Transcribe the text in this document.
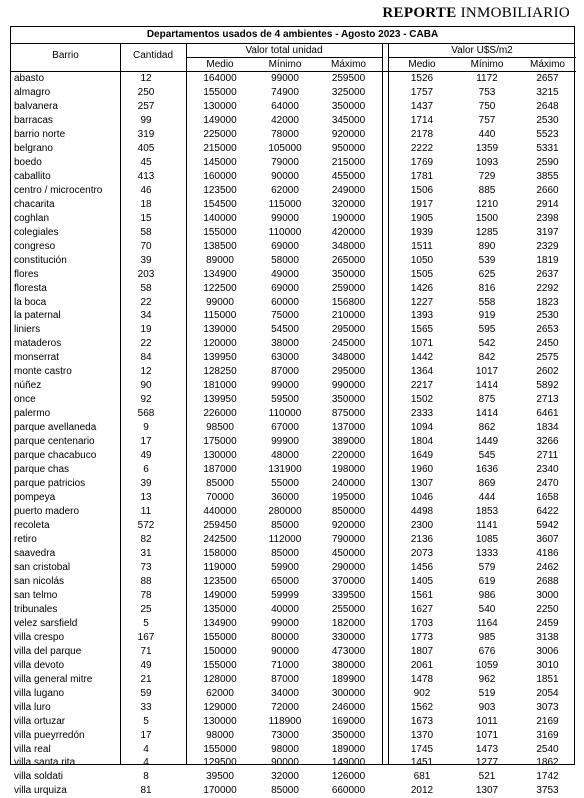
REPORTE INMOBILIARIO
Departamentos usados de 4 ambientes - Agosto 2023 - CABA
Barrio	Cantidad	Valor total unidad	Valor U$S/m2
Medio	Mínimo	Máximo	Medio	Mínimo	Máximo
abasto	12	164000	99000	259500	1526	1172	2657
almagro	250	155000	74900	325000	1757	753	3215
balvanera	257	130000	64000	350000	1437	750	2648
barracas	99	149000	42000	345000	1714	757	2530
barrio norte	319	225000	78000	920000	2178	440	5523
belgrano	405	215000	105000	950000	2222	1359	5331
boedo	45	145000	79000	215000	1769	1093	2590
caballito	413	160000	90000	455000	1781	729	3855
centro / microcentro	46	123500	62000	249000	1506	885	2660
chacarita	18	154500	115000	320000	1917	1210	2914
coghlan	15	140000	99000	190000	1905	1500	2398
colegiales	58	155000	110000	420000	1939	1285	3197
congreso	70	138500	69000	348000	1511	890	2329
constitución	39	89000	58000	265000	1050	539	1819
flores	203	134900	49000	350000	1505	625	2637
floresta	58	122500	69000	259000	1426	816	2292
la boca	22	99000	60000	156800	1227	558	1823
la paternal	34	115000	75000	210000	1393	919	2530
liniers	19	139000	54500	295000	1565	595	2653
mataderos	22	120000	38000	245000	1071	542	2450
monserrat	84	139950	63000	348000	1442	842	2575
monte castro	12	128250	87000	295000	1364	1017	2602
núñez	90	181000	99000	990000	2217	1414	5892
once	92	139950	59500	350000	1502	875	2713
palermo	568	226000	110000	875000	2333	1414	6461
parque avellaneda	9	98500	67000	137000	1094	862	1834
parque centenario	17	175000	99900	389000	1804	1449	3266
parque chacabuco	49	130000	48000	220000	1649	545	2711
parque chas	6	187000	131900	198000	1960	1636	2340
parque patricios	39	85000	55000	240000	1307	869	2470
pompeya	13	70000	36000	195000	1046	444	1658
puerto madero	11	440000	280000	850000	4498	1853	6422
recoleta	572	259450	85000	920000	2300	1141	5942
retiro	82	242500	112000	790000	2136	1085	3607
saavedra	31	158000	85000	450000	2073	1333	4186
san cristobal	73	119000	59900	290000	1456	579	2462
san nicolás	88	123500	65000	370000	1405	619	2688
san telmo	78	149000	59999	339500	1561	986	3000
tribunales	25	135000	40000	255000	1627	540	2250
velez sarsfield	5	134900	99000	182000	1703	1164	2459
villa crespo	167	155000	80000	330000	1773	985	3138
villa del parque	71	150000	90000	473000	1807	676	3006
villa devoto	49	155000	71000	380000	2061	1059	3010
villa general mitre	21	128000	87000	189900	1478	962	1851
villa lugano	59	62000	34000	300000	902	519	2054
villa luro	33	129000	72000	246000	1562	903	3073
villa ortuzar	5	130000	118900	169000	1673	1011	2169
villa pueyrredón	17	98000	73000	350000	1370	1071	3169
villa real	4	155000	98000	189000	1745	1473	2540
villa santa rita	4	129500	90000	149000	1451	1277	1862
villa soldati	8	39500	32000	126000	681	521	1742
villa urquiza	81	170000	85000	660000	2012	1307	3753
